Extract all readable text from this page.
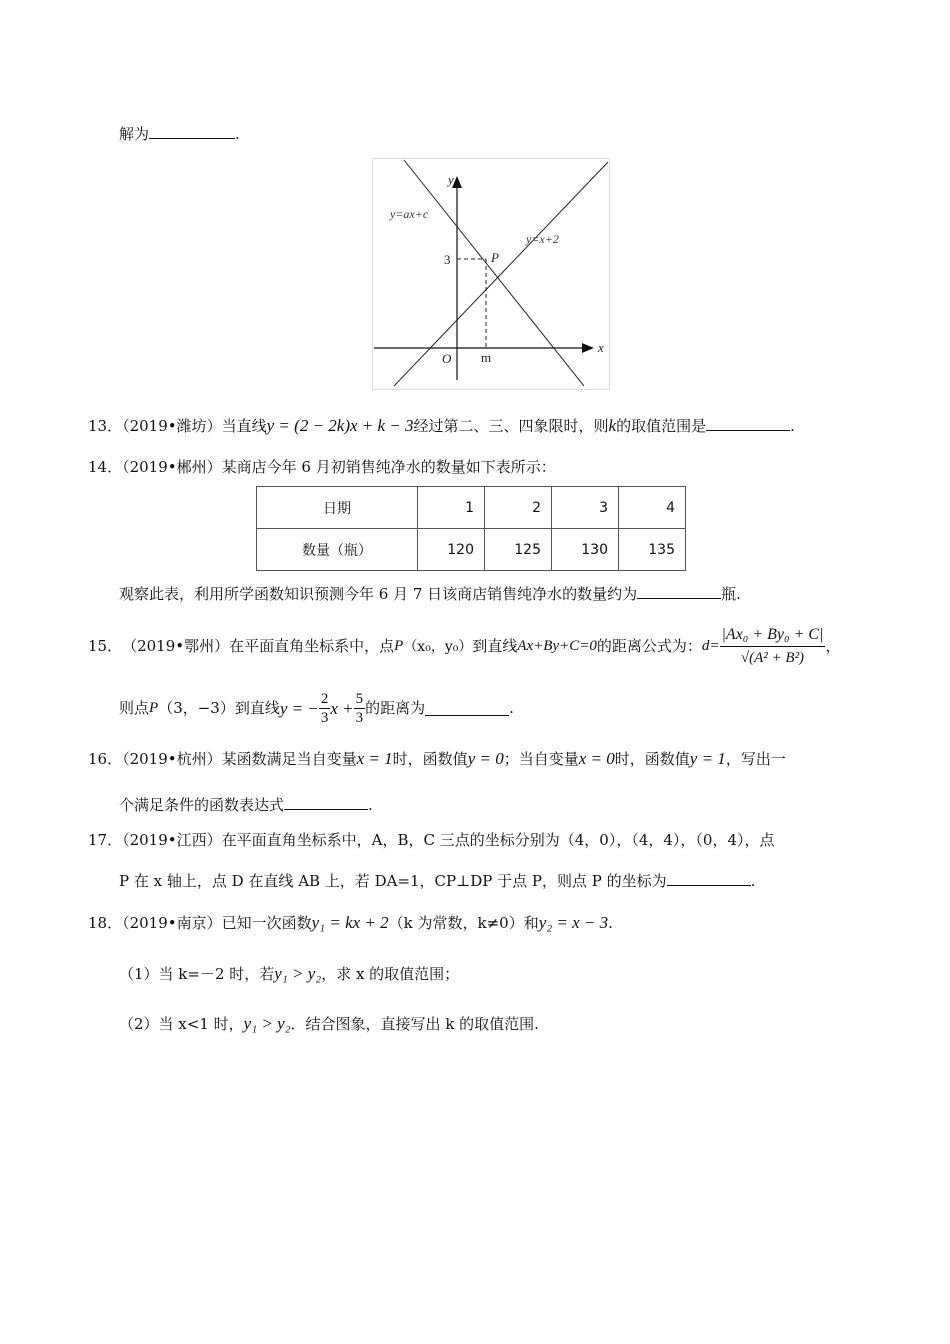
解为	.
y=ax+c
y=x+2
y
x
O
3
m
P
13．（2019•潍坊）当直线y = (2 − 2k)x + k − 3经过第二、三、四象限时，则k的取值范围是	.
14．（2019•郴州）某商店今年 6 月初销售纯净水的数量如下表所示：
日期	1	2	3	4
数量（瓶）	120	125	130	135
观察此表，利用所学函数知识预测今年 6 月 7 日该商店销售纯净水的数量约为	瓶.
15． （2019•鄂州） 在平面直角坐标系中，点 P （x₀，y₀） 到直线 Ax+By+C=0 的距离公式为： $d= \frac{\text{|Ax₀ + By₀ + C|}}{\text{√(A² + B²)}}$ ，
则点 P （3，−3） 到直线 y = − $\frac{2}{3}$ $x + \frac{5}{3}$ 的距离为	.
16．（2019•杭州）某函数满足当自变量x = 1时，函数值y = 0；当自变量x = 0时，函数值y = 1，写出一
个满足条件的函数表达式	.
17．（2019•江西）在平面直角坐标系中，A，B，C 三点的坐标分别为（4，0），（4，4），（0，4），点
P 在 x 轴上，点 D 在直线 AB 上，若 DA=1，CP⊥DP 于点 P，则点 P 的坐标为	.
18．（2019•南京）已知一次函数y₁ = kx + 2（k 为常数，k≠0）和y₂ = x − 3.
（1）当 k=－2 时，若y₁ > y₂，求 x 的取值范围；
（2）当 x<1 时，y₁ > y₂．结合图象，直接写出 k 的取值范围.
